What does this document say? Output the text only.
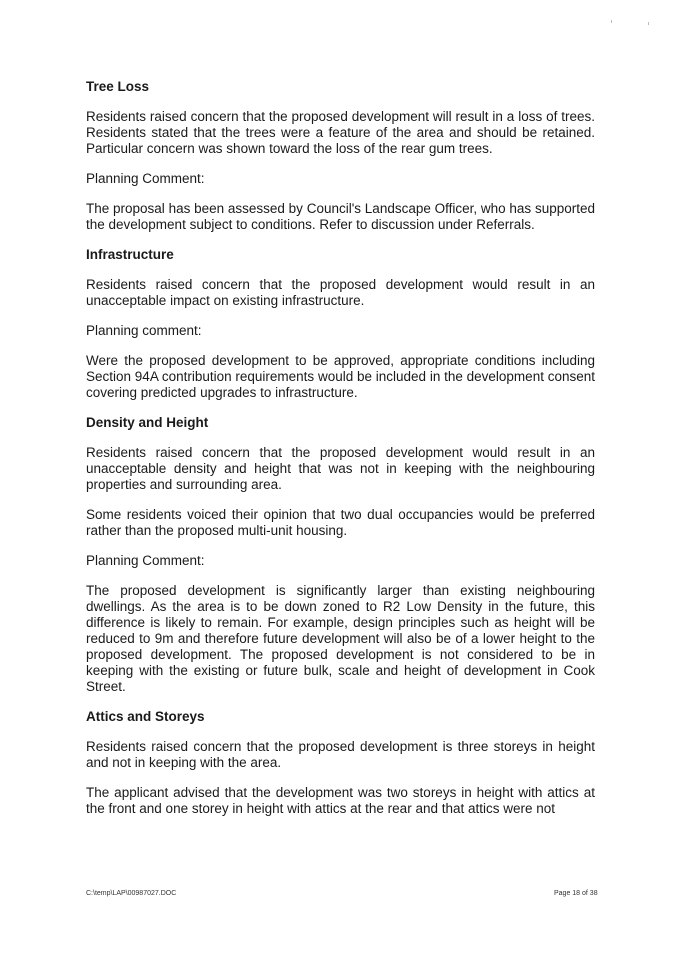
Tree Loss
Residents raised concern that the proposed development will result in a loss of trees. Residents stated that the trees were a feature of the area and should be retained. Particular concern was shown toward the loss of the rear gum trees.
Planning Comment:
The proposal has been assessed by Council's Landscape Officer, who has supported the development subject to conditions. Refer to discussion under Referrals.
Infrastructure
Residents raised concern that the proposed development would result in an unacceptable impact on existing infrastructure.
Planning comment:
Were the proposed development to be approved, appropriate conditions including Section 94A contribution requirements would be included in the development consent covering predicted upgrades to infrastructure.
Density and Height
Residents raised concern that the proposed development would result in an unacceptable density and height that was not in keeping with the neighbouring properties and surrounding area.
Some residents voiced their opinion that two dual occupancies would be preferred rather than the proposed multi-unit housing.
Planning Comment:
The proposed development is significantly larger than existing neighbouring dwellings. As the area is to be down zoned to R2 Low Density in the future, this difference is likely to remain. For example, design principles such as height will be reduced to 9m and therefore future development will also be of a lower height to the proposed development. The proposed development is not considered to be in keeping with the existing or future bulk, scale and height of development in Cook Street.
Attics and Storeys
Residents raised concern that the proposed development is three storeys in height and not in keeping with the area.
The applicant advised that the development was two storeys in height with attics at the front and one storey in height with attics at the rear and that attics were not
C:\temp\LAP\00987027.DOC	Page 18 of 38
